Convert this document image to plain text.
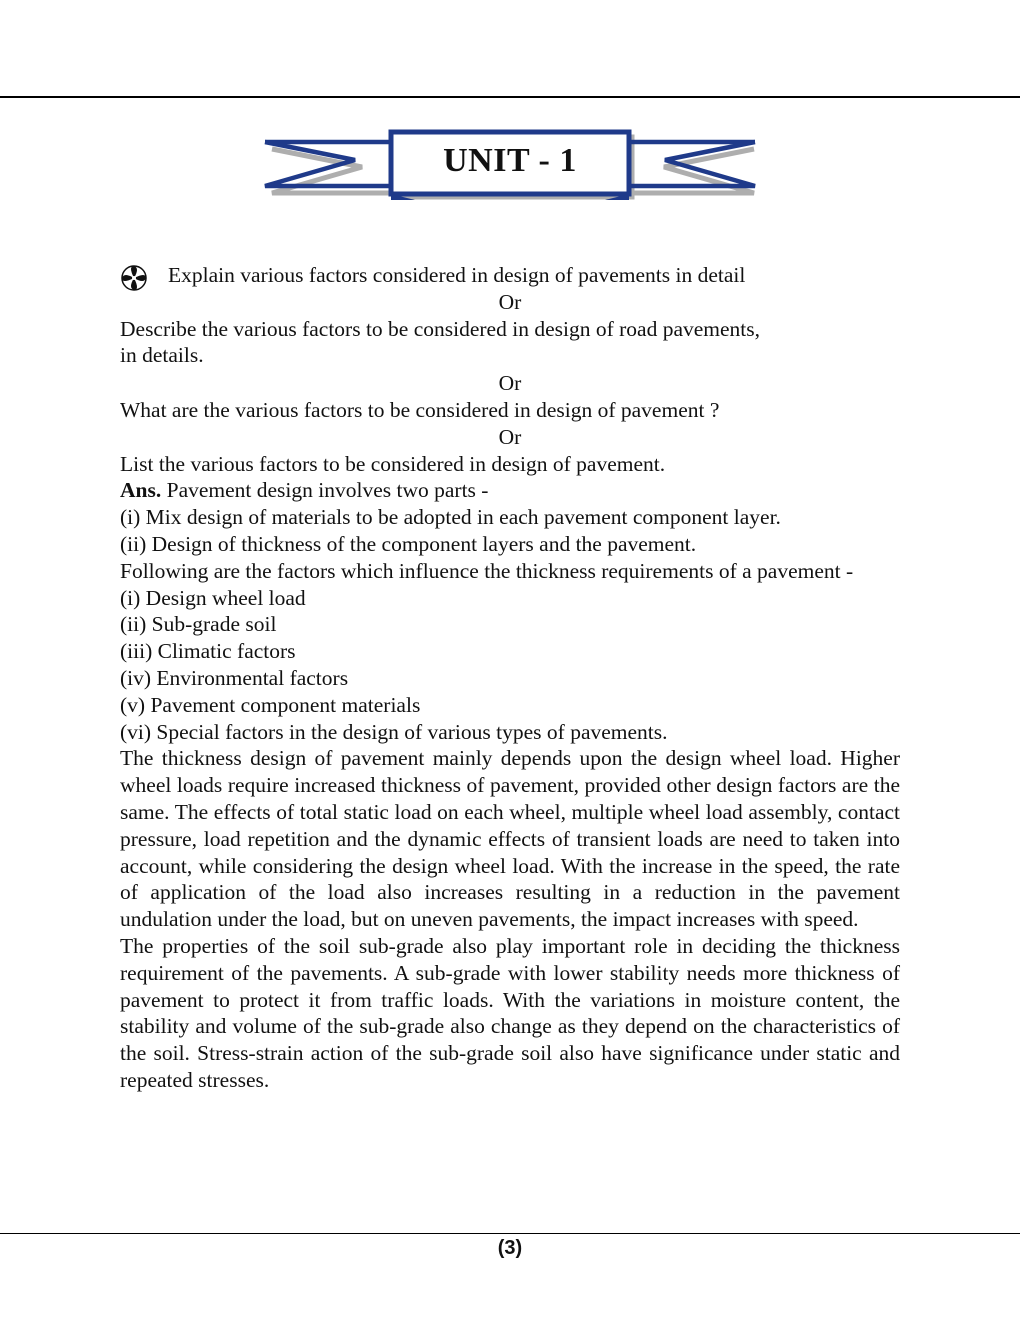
UNIT - 1
Explain various factors considered in design of pavements in detail
Or
Describe the various factors to be considered in design of road pavements,
in details.
Or
What are the various factors to be considered in design of pavement ?
Or
List the various factors to be considered in design of pavement.
Ans. Pavement design involves two parts -
(i) Mix design of materials to be adopted in each pavement component layer.
(ii) Design of thickness of the component layers and the pavement.
Following are the factors which influence the thickness requirements of a pavement -
(i) Design wheel load
(ii) Sub-grade soil
(iii) Climatic factors
(iv) Environmental factors
(v) Pavement component materials
(vi) Special factors in the design of various types of pavements.
The thickness design of pavement mainly depends upon the design wheel load. Higher wheel loads require increased thickness of pavement, provided other design factors are the same. The effects of total static load on each wheel, multiple wheel load assembly, contact pressure, load repetition and the dynamic effects of transient loads are need to taken into account, while considering the design wheel load. With the increase in the speed, the rate of application of the load also increases resulting in a reduction in the pavement undulation under the load, but on uneven pavements, the impact increases with speed.
The properties of the soil sub-grade also play important role in deciding the thickness requirement of the pavements. A sub-grade with lower stability needs more thickness of pavement to protect it from traffic loads. With the variations in moisture content, the stability and volume of the sub-grade also change as they depend on the characteristics of the soil. Stress-strain action of the sub-grade soil also have significance under static and repeated stresses.
(3)
